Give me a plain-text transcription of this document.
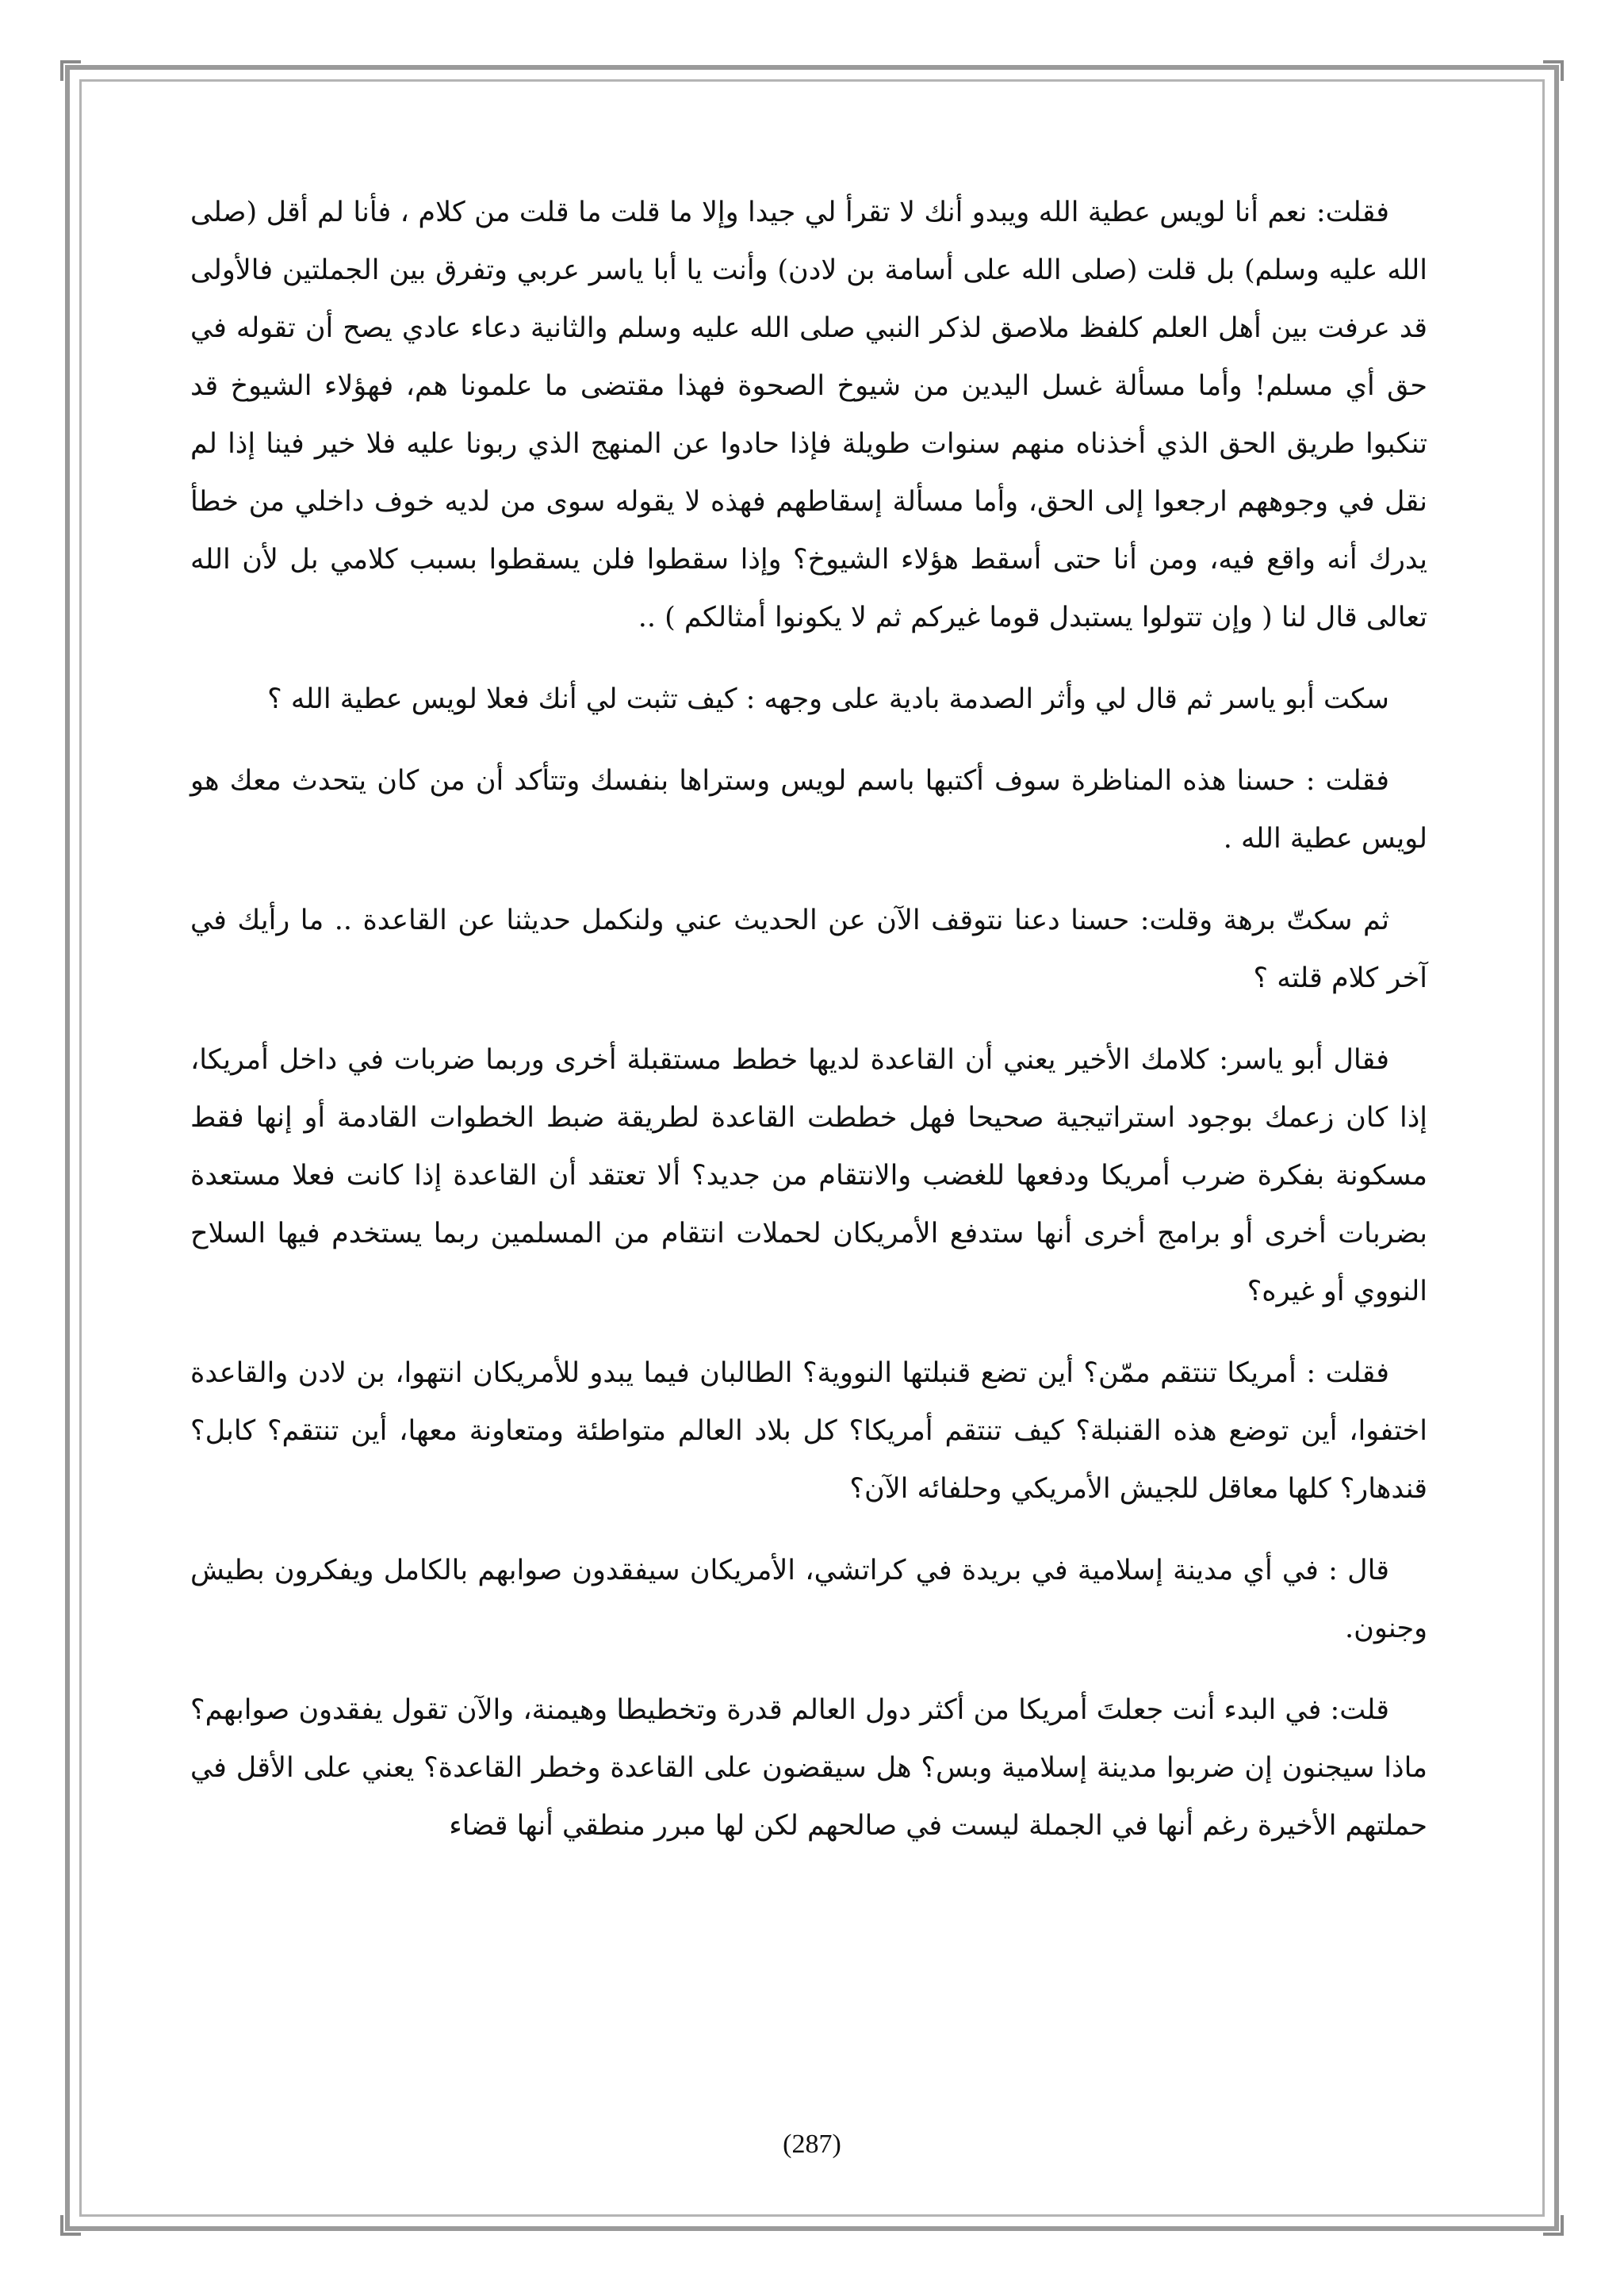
فقلت: نعم أنا لويس عطية الله ويبدو أنك لا تقرأ لي جيدا وإلا ما قلت ما قلت من كلام ، فأنا لم أقل (صلى الله عليه وسلم) بل قلت (صلى الله على أسامة بن لادن) وأنت يا أبا ياسر عربي وتفرق بين الجملتين فالأولى قد عرفت بين أهل العلم كلفظ ملاصق لذكر النبي صلى الله عليه وسلم والثانية دعاء عادي يصح أن تقوله في حق أي مسلم! وأما مسألة غسل اليدين من شيوخ الصحوة فهذا مقتضى ما علمونا هم، فهؤلاء الشيوخ قد تنكبوا طريق الحق الذي أخذناه منهم سنوات طويلة فإذا حادوا عن المنهج الذي ربونا عليه فلا خير فينا إذا لم نقل في وجوههم ارجعوا إلى الحق، وأما مسألة إسقاطهم فهذه لا يقوله سوى من لديه خوف داخلي من خطأ يدرك أنه واقع فيه، ومن أنا حتى أسقط هؤلاء الشيوخ؟ وإذا سقطوا فلن يسقطوا بسبب كلامي بل لأن الله تعالى قال لنا ( وإن تتولوا يستبدل قوما غيركم ثم لا يكونوا أمثالكم ) ..

سكت أبو ياسر ثم قال لي وأثر الصدمة بادية على وجهه : كيف تثبت لي أنك فعلا لويس عطية الله ؟

فقلت : حسنا هذه المناظرة سوف أكتبها باسم لويس وستراها بنفسك وتتأكد أن من كان يتحدث معك هو لويس عطية الله .

ثم سكتّ برهة وقلت: حسنا دعنا نتوقف الآن عن الحديث عني ولنكمل حديثنا عن القاعدة .. ما رأيك في آخر كلام قلته ؟

فقال أبو ياسر: كلامك الأخير يعني أن القاعدة لديها خطط مستقبلة أخرى وربما ضربات في داخل أمريكا، إذا كان زعمك بوجود استراتيجية صحيحا فهل خططت القاعدة لطريقة ضبط الخطوات القادمة أو إنها فقط مسكونة بفكرة ضرب أمريكا ودفعها للغضب والانتقام من جديد؟ ألا تعتقد أن القاعدة إذا كانت فعلا مستعدة بضربات أخرى أو برامج أخرى أنها ستدفع الأمريكان لحملات انتقام من المسلمين ربما يستخدم فيها السلاح النووي أو غيره؟

فقلت : أمريكا تنتقم ممّن؟ أين تضع قنبلتها النووية؟ الطالبان فيما يبدو للأمريكان انتهوا، بن لادن والقاعدة اختفوا، أين توضع هذه القنبلة؟ كيف تنتقم أمريكا؟ كل بلاد العالم متواطئة ومتعاونة معها، أين تنتقم؟ كابل؟ قندهار؟ كلها معاقل للجيش الأمريكي وحلفائه الآن؟

قال : في أي مدينة إسلامية في بريدة في كراتشي، الأمريكان سيفقدون صوابهم بالكامل ويفكرون بطيش وجنون.

قلت: في البدء أنت جعلتَ أمريكا من أكثر دول العالم قدرة وتخطيطا وهيمنة، والآن تقول يفقدون صوابهم؟ ماذا سيجنون إن ضربوا مدينة إسلامية وبس؟ هل سيقضون على القاعدة وخطر القاعدة؟ يعني على الأقل في حملتهم الأخيرة رغم أنها في الجملة ليست في صالحهم لكن لها مبرر منطقي أنها قضاء

(287)
